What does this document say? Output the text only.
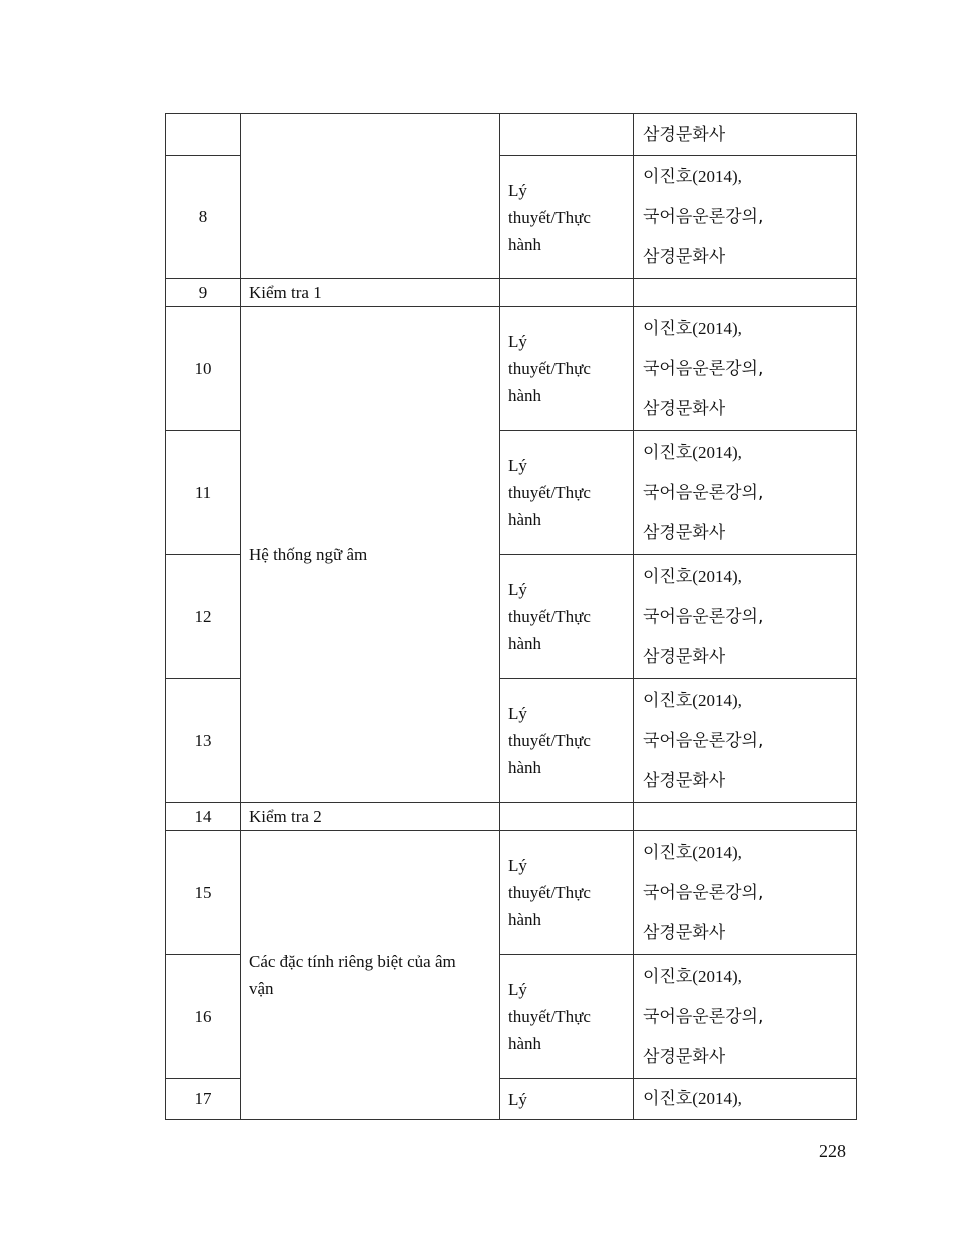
			삼경문화사
8		Lý
thuyết/Thực
hành	이진호(2014),
국어음운론강의,
삼경문화사

9	Kiểm tra 1		
10	Hệ thống ngữ âm	Lý
thuyết/Thực
hành	이진호(2014),
국어음운론강의,
삼경문화사

11		Lý
thuyết/Thực
hành	이진호(2014),
국어음운론강의,
삼경문화사

12		Lý
thuyết/Thực
hành	이진호(2014),
국어음운론강의,
삼경문화사

13		Lý
thuyết/Thực
hành	이진호(2014),
국어음운론강의,
삼경문화사

14	Kiểm tra 2		
15	Các đặc tính riêng biệt của âm
vận	Lý
thuyết/Thực
hành	이진호(2014),
국어음운론강의,
삼경문화사

16		Lý
thuyết/Thực
hành	이진호(2014),
국어음운론강의,
삼경문화사

17		Lý	이진호(2014),
228
